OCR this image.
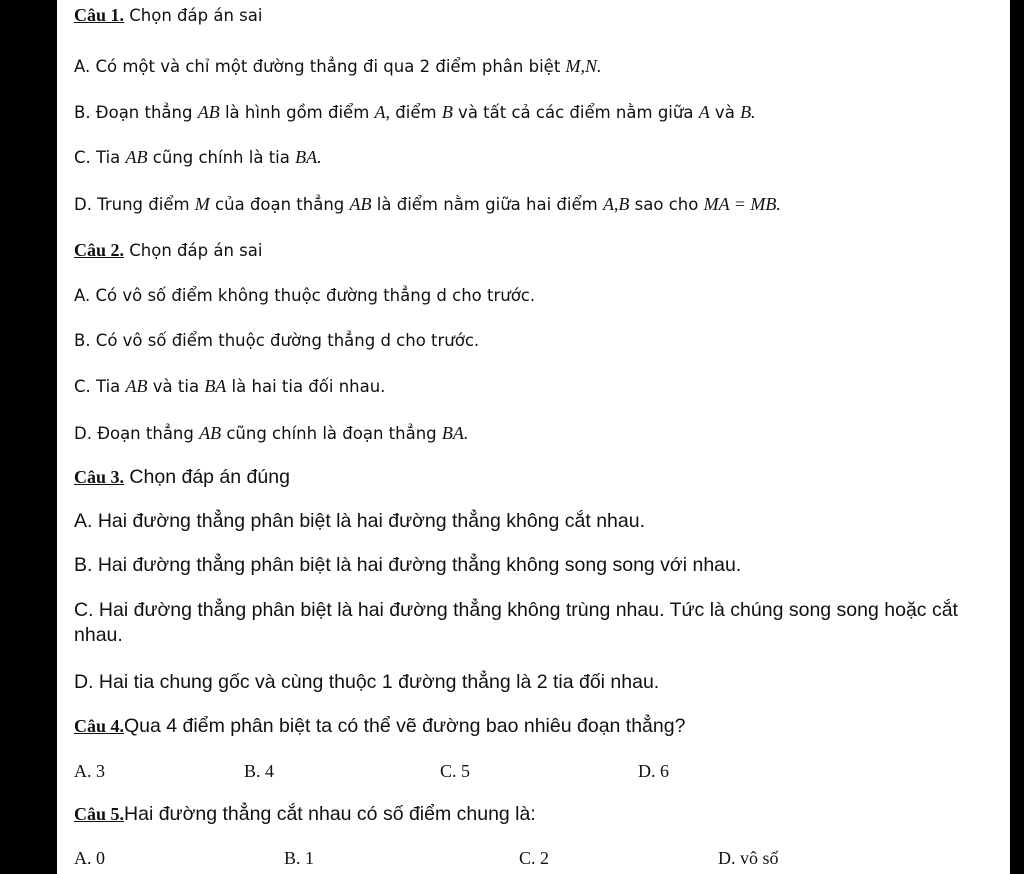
Câu 1. Chọn đáp án sai
A. Có một và chỉ một đường thẳng đi qua 2 điểm phân biệt M,N.
B. Đoạn thẳng AB là hình gồm điểm A, điểm B và tất cả các điểm nằm giữa A và B.
C. Tia AB cũng chính là tia BA.
D. Trung điểm M của đoạn thẳng AB là điểm nằm giữa hai điểm A,B sao cho MA = MB.
Câu 2. Chọn đáp án sai
A. Có vô số điểm không thuộc đường thẳng d cho trước.
B. Có vô số điểm thuộc đường thẳng d cho trước.
C. Tia AB và tia BA là hai tia đối nhau.
D. Đoạn thẳng AB cũng chính là đoạn thẳng BA.
Câu 3. Chọn đáp án đúng
A. Hai đường thẳng phân biệt là hai đường thẳng không cắt nhau.
B. Hai đường thẳng phân biệt là hai đường thẳng không song song với nhau.
C. Hai đường thẳng phân biệt là hai đường thẳng không trùng nhau. Tức là chúng song song hoặc cắt nhau.
D. Hai tia chung gốc và cùng thuộc 1 đường thẳng là 2 tia đối nhau.
Câu 4.Qua 4 điểm phân biệt ta có thể vẽ đường bao nhiêu đoạn thẳng?
A. 3	B. 4	C. 5	D. 6
Câu 5.Hai đường thẳng cắt nhau có số điểm chung là:
A. 0	B. 1	C. 2	D. vô số
